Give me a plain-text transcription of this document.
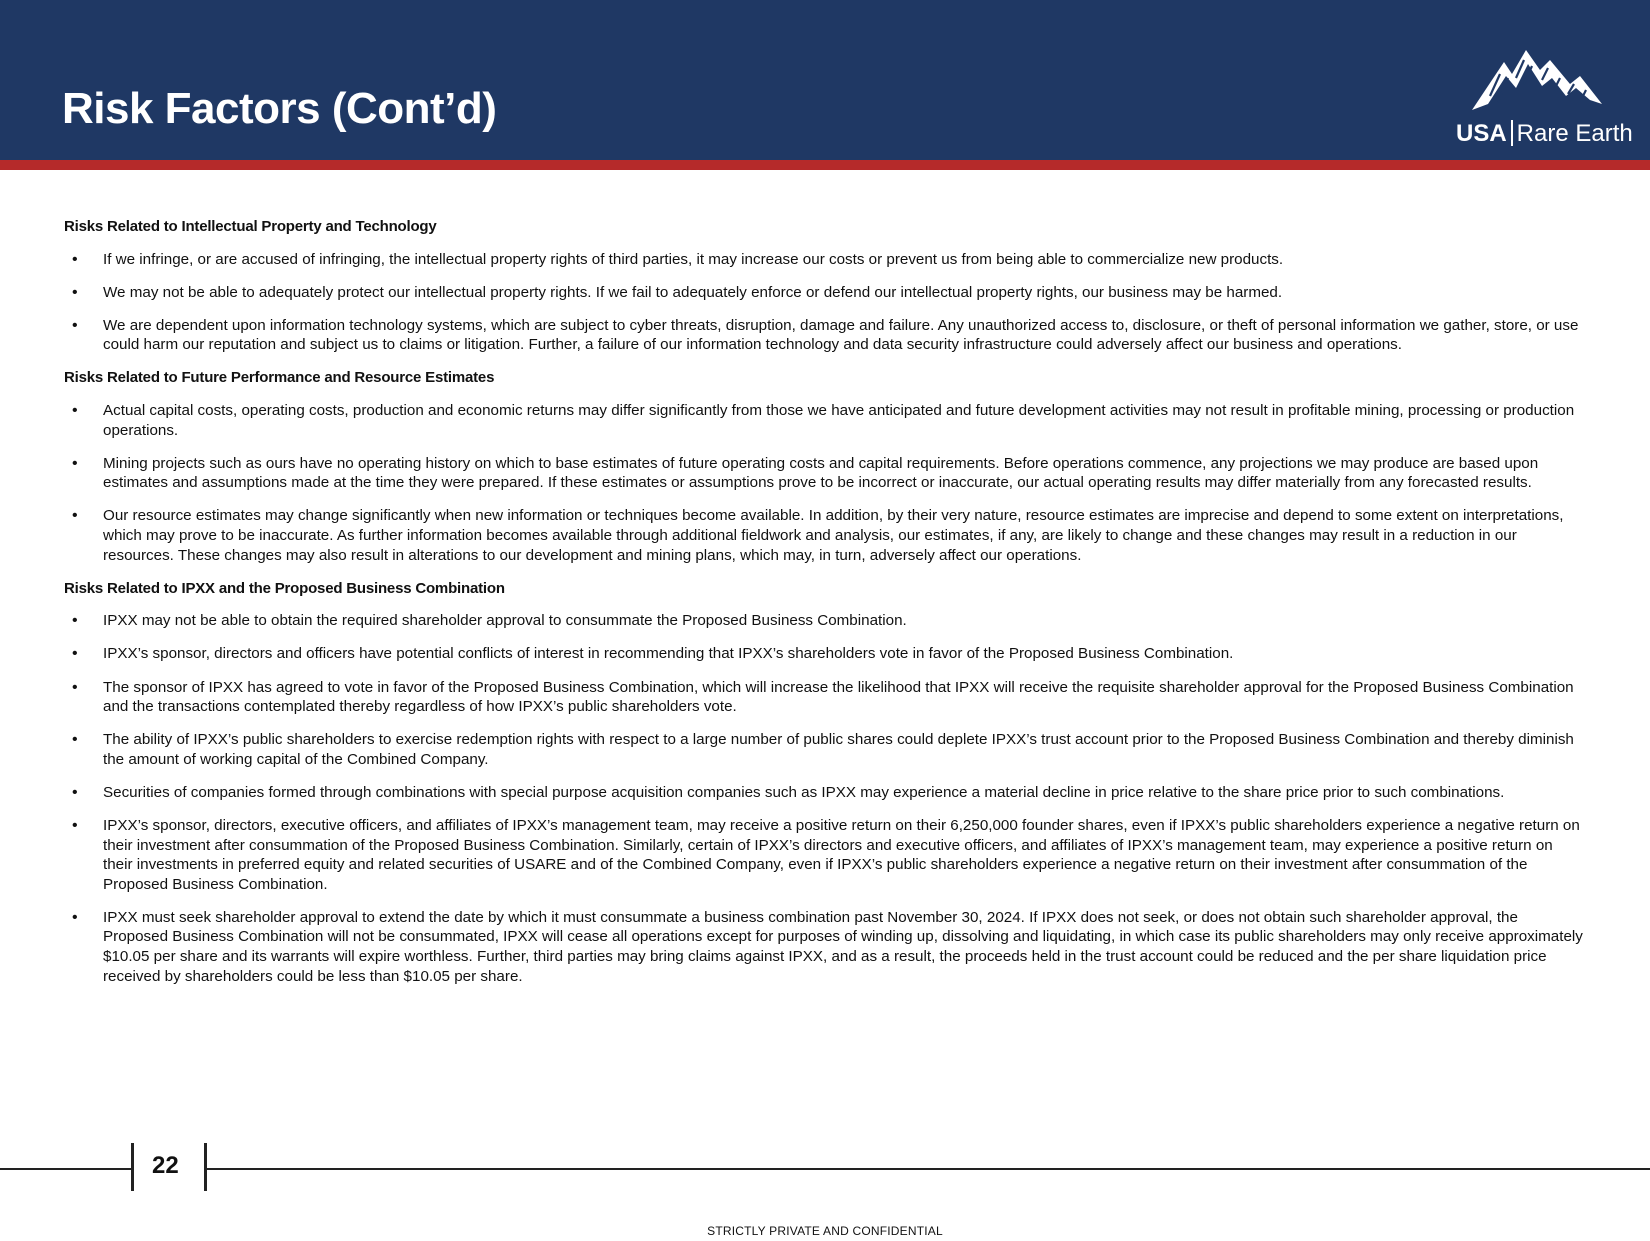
Risk Factors (Cont’d)
USA Rare Earth
Risks Related to Intellectual Property and Technology
• If we infringe, or are accused of infringing, the intellectual property rights of third parties, it may increase our costs or prevent us from being able to commercialize new products.
• We may not be able to adequately protect our intellectual property rights. If we fail to adequately enforce or defend our intellectual property rights, our business may be harmed.
• We are dependent upon information technology systems, which are subject to cyber threats, disruption, damage and failure. Any unauthorized access to, disclosure, or theft of personal information we gather, store, or use could harm our reputation and subject us to claims or litigation. Further, a failure of our information technology and data security infrastructure could adversely affect our business and operations.
Risks Related to Future Performance and Resource Estimates
• Actual capital costs, operating costs, production and economic returns may differ significantly from those we have anticipated and future development activities may not result in profitable mining, processing or production operations.
• Mining projects such as ours have no operating history on which to base estimates of future operating costs and capital requirements. Before operations commence, any projections we may produce are based upon estimates and assumptions made at the time they were prepared. If these estimates or assumptions prove to be incorrect or inaccurate, our actual operating results may differ materially from any forecasted results.
• Our resource estimates may change significantly when new information or techniques become available. In addition, by their very nature, resource estimates are imprecise and depend to some extent on interpretations, which may prove to be inaccurate. As further information becomes available through additional fieldwork and analysis, our estimates, if any, are likely to change and these changes may result in a reduction in our resources. These changes may also result in alterations to our development and mining plans, which may, in turn, adversely affect our operations.
Risks Related to IPXX and the Proposed Business Combination
• IPXX may not be able to obtain the required shareholder approval to consummate the Proposed Business Combination.
• IPXX’s sponsor, directors and officers have potential conflicts of interest in recommending that IPXX’s shareholders vote in favor of the Proposed Business Combination.
• The sponsor of IPXX has agreed to vote in favor of the Proposed Business Combination, which will increase the likelihood that IPXX will receive the requisite shareholder approval for the Proposed Business Combination and the transactions contemplated thereby regardless of how IPXX’s public shareholders vote.
• The ability of IPXX’s public shareholders to exercise redemption rights with respect to a large number of public shares could deplete IPXX’s trust account prior to the Proposed Business Combination and thereby diminish the amount of working capital of the Combined Company.
• Securities of companies formed through combinations with special purpose acquisition companies such as IPXX may experience a material decline in price relative to the share price prior to such combinations.
• IPXX’s sponsor, directors, executive officers, and affiliates of IPXX’s management team, may receive a positive return on their 6,250,000 founder shares, even if IPXX’s public shareholders experience a negative return on their investment after consummation of the Proposed Business Combination. Similarly, certain of IPXX’s directors and executive officers, and affiliates of IPXX’s management team, may experience a positive return on their investments in preferred equity and related securities of USARE and of the Combined Company, even if IPXX’s public shareholders experience a negative return on their investment after consummation of the Proposed Business Combination.
• IPXX must seek shareholder approval to extend the date by which it must consummate a business combination past November 30, 2024. If IPXX does not seek, or does not obtain such shareholder approval, the Proposed Business Combination will not be consummated, IPXX will cease all operations except for purposes of winding up, dissolving and liquidating, in which case its public shareholders may only receive approximately $10.05 per share and its warrants will expire worthless. Further, third parties may bring claims against IPXX, and as a result, the proceeds held in the trust account could be reduced and the per share liquidation price received by shareholders could be less than $10.05 per share.
22
STRICTLY PRIVATE AND CONFIDENTIAL
